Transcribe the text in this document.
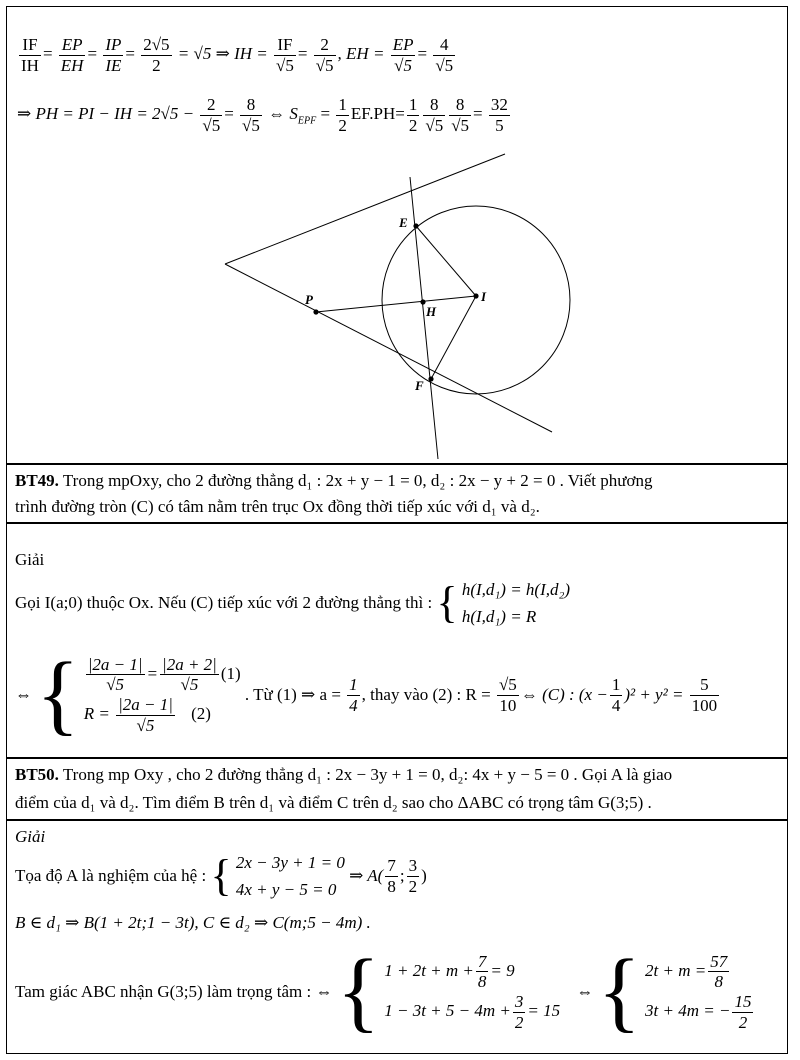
$\frac{IF}{IH} = \frac{EP}{EH} = \frac{IP}{IE} = \frac{2√5}{2} = √5$ ⇒ IH = $\frac{IF}{√5} = \frac{2}{√5}$ , EH = $\frac{EP}{√5} = \frac{4}{√5}$
⇒ PH = PI − IH = $2√5 - \frac{2}{√5} = \frac{8}{√5}$ ⇔ $S_{EPF} = \frac{1}{2} EF.PH= \frac{1}{2} \frac{8}{√5} \frac{8}{√5} = \frac{32}{5}$
E
P	I
H
F
BT49. Trong mpOxy, cho 2 đường thẳng d₁ : 2x + y − 1 = 0, d₂ : 2x − y + 2 = 0 . Viết phương
trình đường tròn (C) có tâm nằm trên trục Ox đồng thời tiếp xúc với d₁ và d₂.
Giải
Gọi I(a;0) thuộc Ox. Nếu (C) tiếp xúc với 2 đường thẳng thì : { h(I,d₁) = h(I,d₂)
h(I,d₁) = R
⇔ { $\frac{|2a - 1|}{√5} = \frac{|2a + 2|}{√5} (1)$
$R = \frac{|2a - 1|}{√5} (2)$
. Từ (1) ⇒ $a = \frac{1}{4}$ , thay vào (2) : $R = \frac{√5}{10}$ ⇔ (C) : $(x - \frac{1}{4} )^2 + y^2 = \frac{5}{100}$
BT50. Trong mp Oxy , cho 2 đường thẳng d₁ : 2x − 3y + 1 = 0, d₂: 4x + y − 5 = 0 . Gọi A là giao
điểm của d₁ và d₂. Tìm điểm B trên d₁ và điểm C trên d₂ sao cho ΔABC có trọng tâm G(3;5) .
Giải
Tọa độ A là nghiệm của hệ : { 2x − 3y + 1 = 0
4x + y − 5 = 0
⇒ $A( \frac{7}{8}$ ; $\frac{3}{2}$ )
B ∈ d₁ ⇒ B(1 + 2t;1 − 3t), C ∈ d₂ ⇒ C(m;5 − 4m) .
Tam giác ABC nhận G(3;5) làm trọng tâm : ⇔ { $1 + 2t + m + \frac{7}{8} = 9$
$1 - 3t + 5 - 4m + \frac{3}{2} = 15$
⇔ { $2t + m = \frac{57}{8}$
3t + 4m = − $\frac{15}{2}$
